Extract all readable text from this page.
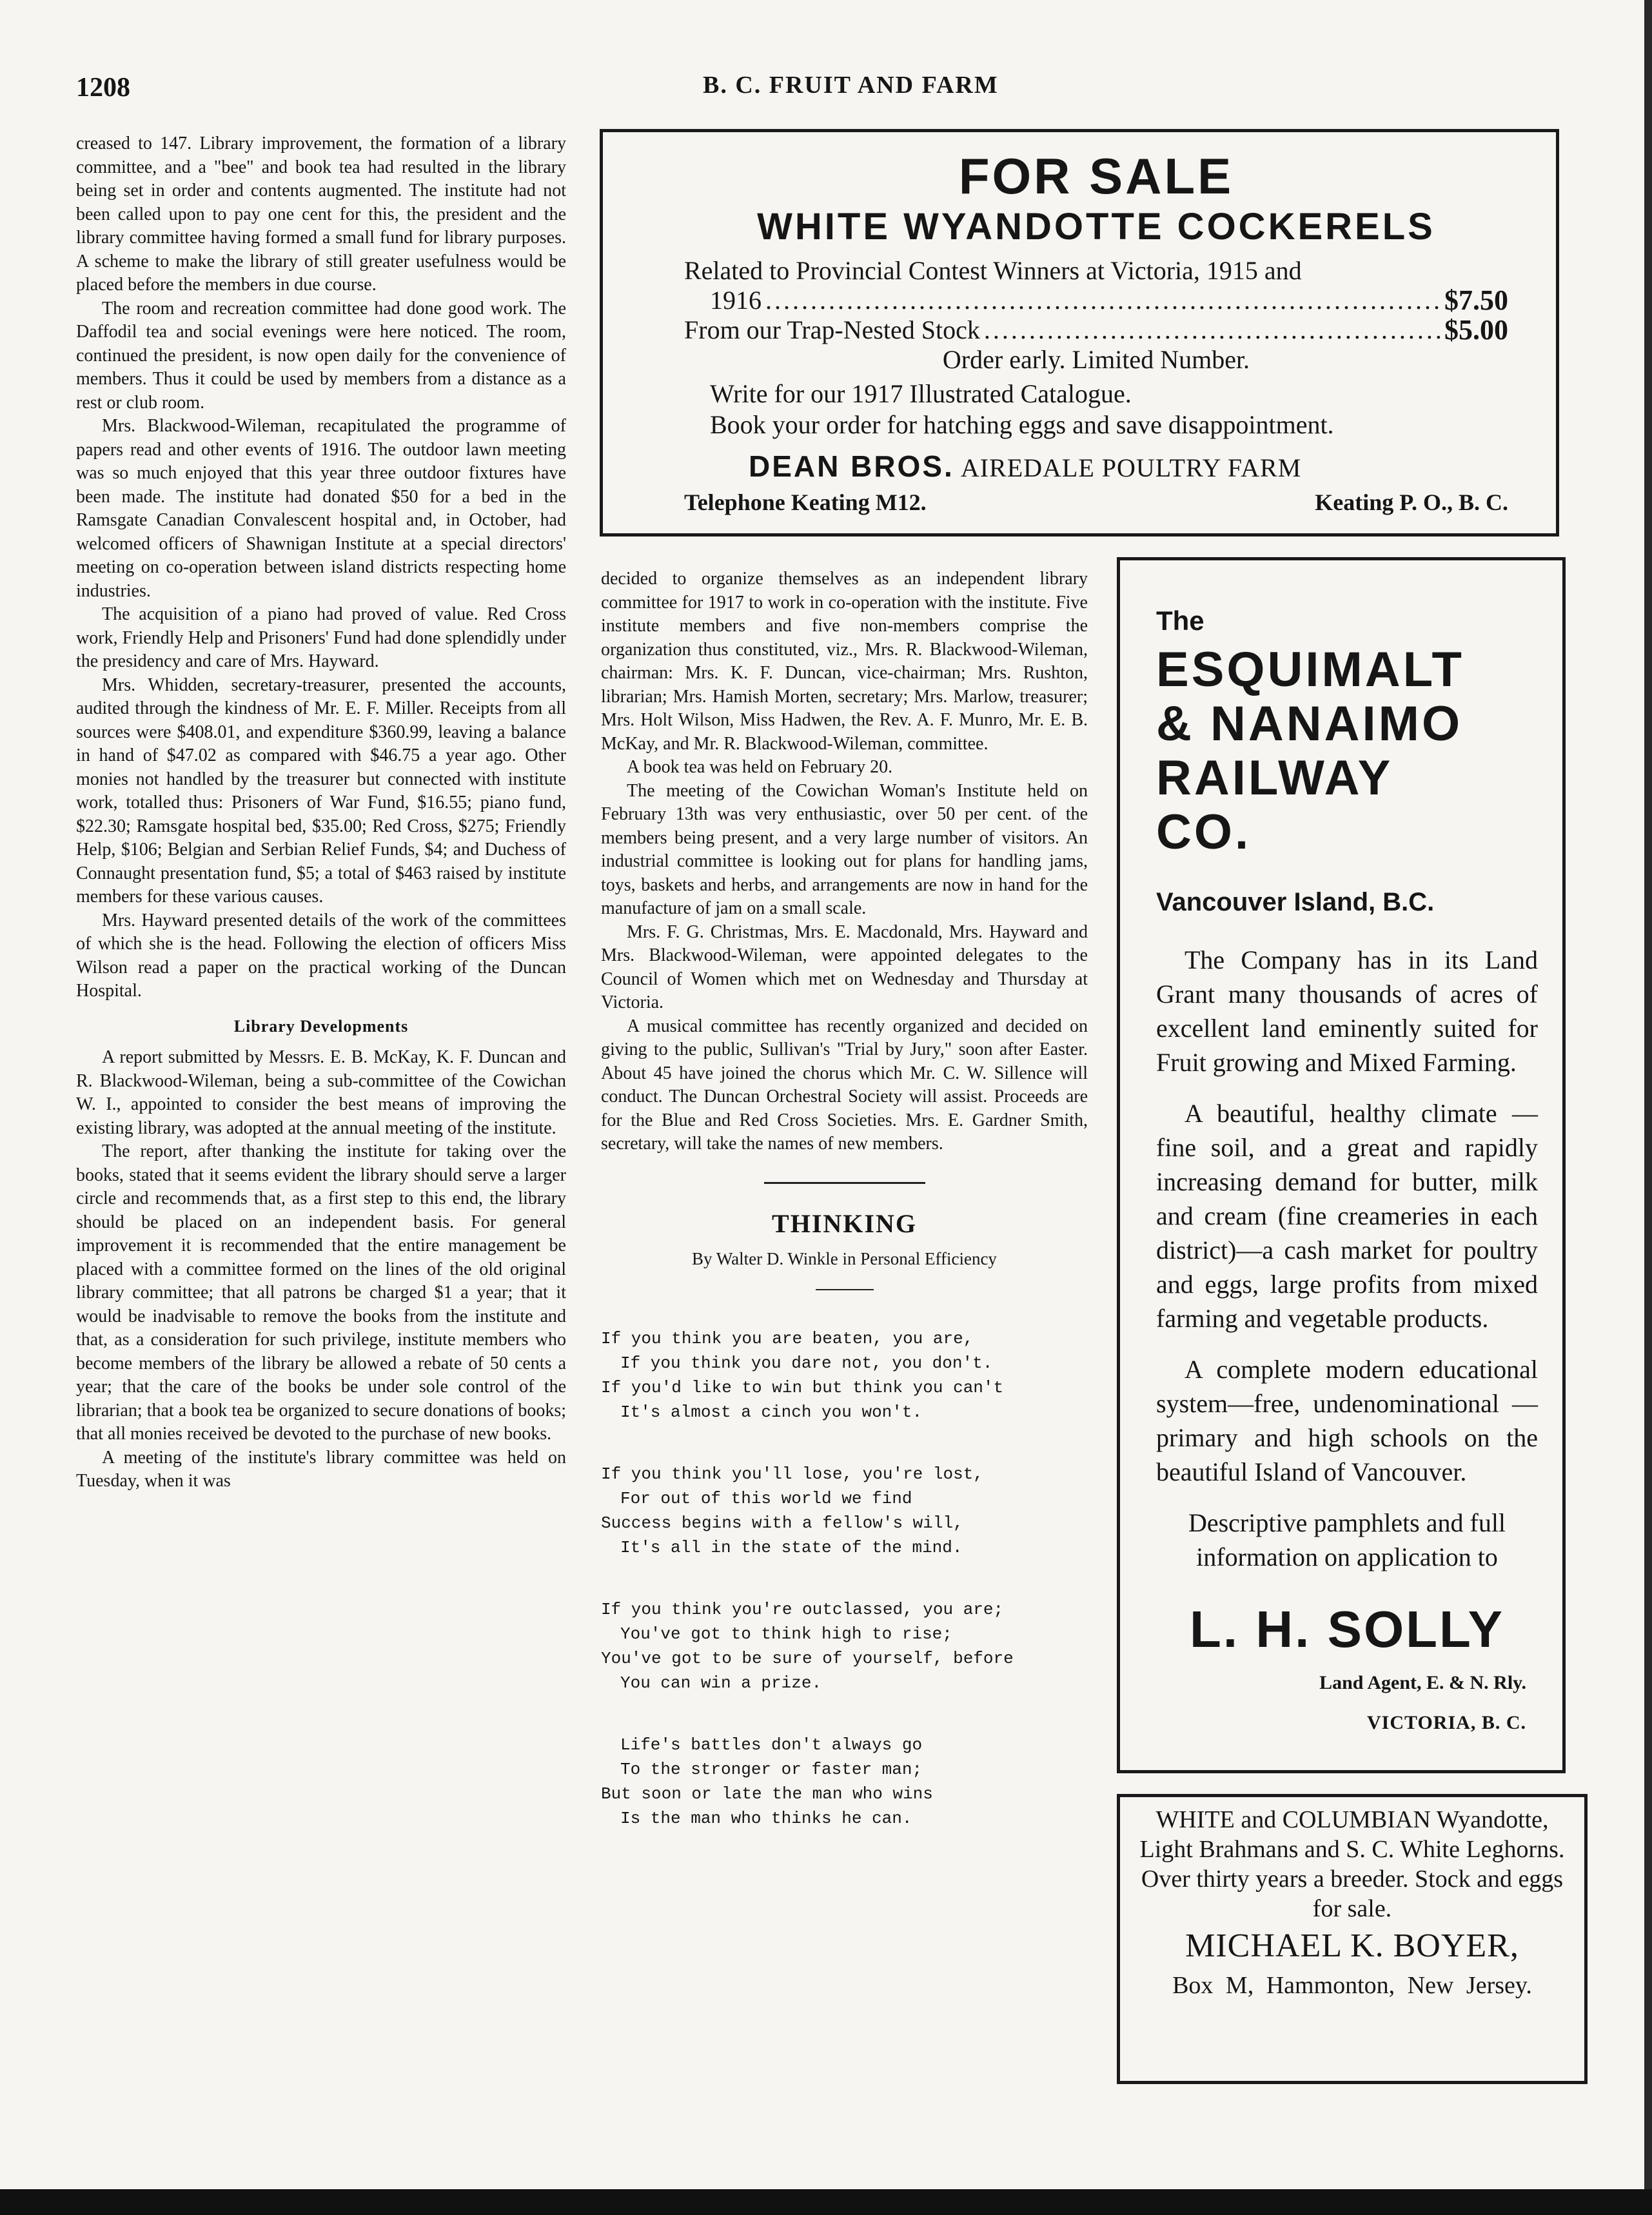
1208	B. C. FRUIT AND FARM

creased to 147. Library improvement, the formation of a library committee, and a "bee" and book tea had resulted in the library being set in order and contents augmented. The institute had not been called upon to pay one cent for this, the president and the library committee having formed a small fund for library purposes. A scheme to make the library of still greater usefulness would be placed before the members in due course.

The room and recreation committee had done good work. The Daffodil tea and social evenings were here noticed. The room, continued the president, is now open daily for the convenience of members. Thus it could be used by members from a distance as a rest or club room.

Mrs. Blackwood-Wileman, recapitulated the programme of papers read and other events of 1916. The outdoor lawn meeting was so much enjoyed that this year three outdoor fixtures have been made. The institute had donated $50 for a bed in the Ramsgate Canadian Convalescent hospital and, in October, had welcomed officers of Shawnigan Institute at a special directors' meeting on co-operation between island districts respecting home industries.

The acquisition of a piano had proved of value. Red Cross work, Friendly Help and Prisoners' Fund had done splendidly under the presidency and care of Mrs. Hayward.

Mrs. Whidden, secretary-treasurer, presented the accounts, audited through the kindness of Mr. E. F. Miller. Receipts from all sources were $408.01, and expenditure $360.99, leaving a balance in hand of $47.02 as compared with $46.75 a year ago. Other monies not handled by the treasurer but connected with institute work, totalled thus: Prisoners of War Fund, $16.55; piano fund, $22.30; Ramsgate hospital bed, $35.00; Red Cross, $275; Friendly Help, $106; Belgian and Serbian Relief Funds, $4; and Duchess of Connaught presentation fund, $5; a total of $463 raised by institute members for these various causes.

Mrs. Hayward presented details of the work of the committees of which she is the head. Following the election of officers Miss Wilson read a paper on the practical working of the Duncan Hospital.

Library Developments

A report submitted by Messrs. E. B. McKay, K. F. Duncan and R. Blackwood-Wileman, being a sub-committee of the Cowichan W. I., appointed to consider the best means of improving the existing library, was adopted at the annual meeting of the institute.

The report, after thanking the institute for taking over the books, stated that it seems evident the library should serve a larger circle and recommends that, as a first step to this end, the library should be placed on an independent basis. For general improvement it is recommended that the entire management be placed with a committee formed on the lines of the old original library committee; that all patrons be charged $1 a year; that it would be inadvisable to remove the books from the institute and that, as a consideration for such privilege, institute members who become members of the library be allowed a rebate of 50 cents a year; that the care of the books be under sole control of the librarian; that a book tea be organized to secure donations of books; that all monies received be devoted to the purchase of new books.

A meeting of the institute's library committee was held on Tuesday, when it was

FOR SALE
WHITE WYANDOTTE COCKERELS
Related to Provincial Contest Winners at Victoria, 1915 and
1916 . . .	$7.50
From our Trap-Nested Stock . . .	$5.00
Order early. Limited Number.
Write for our 1917 Illustrated Catalogue.
Book your order for hatching eggs and save disappointment.
DEAN BROS. AIREDALE POULTRY FARM
Telephone Keating M12.	Keating P. O., B. C.

decided to organize themselves as an independent library committee for 1917 to work in co-operation with the institute. Five institute members and five non-members comprise the organization thus constituted, viz., Mrs. R. Blackwood-Wileman, chairman: Mrs. K. F. Duncan, vice-chairman; Mrs. Rushton, librarian; Mrs. Hamish Morten, secretary; Mrs. Marlow, treasurer; Mrs. Holt Wilson, Miss Hadwen, the Rev. A. F. Munro, Mr. E. B. McKay, and Mr. R. Blackwood-Wileman, committee.

A book tea was held on February 20.

The meeting of the Cowichan Woman's Institute held on February 13th was very enthusiastic, over 50 per cent. of the members being present, and a very large number of visitors. An industrial committee is looking out for plans for handling jams, toys, baskets and herbs, and arrangements are now in hand for the manufacture of jam on a small scale.

Mrs. F. G. Christmas, Mrs. E. Macdonald, Mrs. Hayward and Mrs. Blackwood-Wileman, were appointed delegates to the Council of Women which met on Wednesday and Thursday at Victoria.

A musical committee has recently organized and decided on giving to the public, Sullivan's "Trial by Jury," soon after Easter. About 45 have joined the chorus which Mr. C. W. Sillence will conduct. The Duncan Orchestral Society will assist. Proceeds are for the Blue and Red Cross Societies. Mrs. E. Gardner Smith, secretary, will take the names of new members.

THINKING
By Walter D. Winkle in Personal Efficiency
If you think you are beaten, you are,
If you think you dare not, you don't.
If you'd like to win but think you can't
It's almost a cinch you won't.
If you think you'll lose, you're lost,
For out of this world we find
Success begins with a fellow's will,
It's all in the state of the mind.
If you think you're outclassed, you are;
You've got to think high to rise;
You've got to be sure of yourself, before
You can win a prize.
Life's battles don't always go
To the stronger or faster man;
But soon or late the man who wins
Is the man who thinks he can.
The
ESQUIMALT
& NANAIMO
RAILWAY
CO.
Vancouver Island, B.C.
The Company has in its Land Grant many thousands of acres of excellent land eminently suited for Fruit growing and Mixed Farming.
A beautiful, healthy climate —fine soil, and a great and rapidly increasing demand for butter, milk and cream (fine creameries in each district)—a cash market for poultry and eggs, large profits from mixed farming and vegetable products.
A complete modern educational system—free, undenominational — primary and high schools on the beautiful Island of Vancouver.
Descriptive pamphlets and full information on application to
L. H. SOLLY
Land Agent, E. & N. Rly.
VICTORIA, B. C.
WHITE and COLUMBIAN Wyandotte, Light Brahmans and S. C. White Leghorns. Over thirty years a breeder. Stock and eggs for sale.
MICHAEL K. BOYER,
Box M, Hammonton, New Jersey.
